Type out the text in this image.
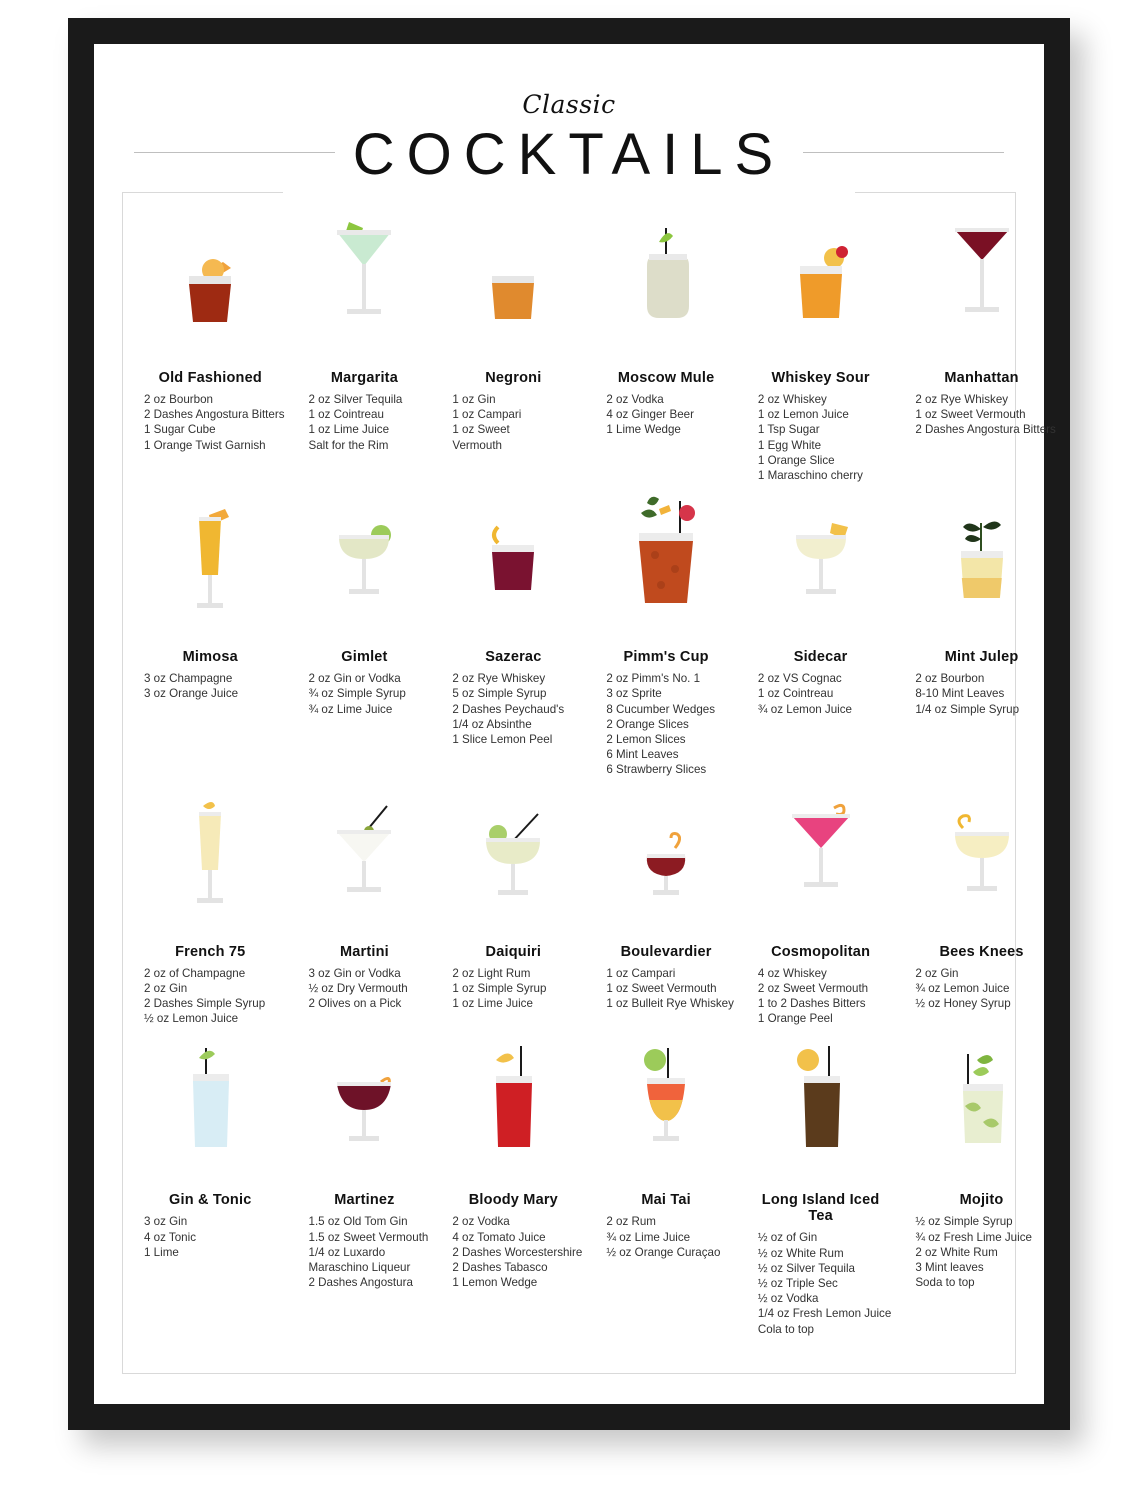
Classic
COCKTAILS
Old Fashioned
2 oz Bourbon
2 Dashes Angostura Bitters
1 Sugar Cube
1 Orange Twist Garnish
Margarita
2 oz Silver Tequila
1 oz Cointreau
1 oz Lime Juice
Salt for the Rim
Negroni
1 oz Gin
1 oz Campari
1 oz Sweet
Vermouth
Moscow Mule
2 oz Vodka
4 oz Ginger Beer
1 Lime Wedge
Whiskey Sour
2 oz Whiskey
1 oz Lemon Juice
1 Tsp Sugar
1 Egg White
1 Orange Slice
1 Maraschino cherry
Manhattan
2 oz Rye Whiskey
1 oz Sweet Vermouth
2 Dashes Angostura Bitters
Mimosa
3 oz Champagne
3 oz Orange Juice
Gimlet
2 oz Gin or Vodka
¾ oz Simple Syrup
¾ oz Lime Juice
Sazerac
2 oz Rye Whiskey
5 oz Simple Syrup
2 Dashes Peychaud's
1/4 oz Absinthe
1 Slice Lemon Peel
Pimm's Cup
2 oz Pimm's No. 1
3 oz Sprite
8 Cucumber Wedges
2 Orange Slices
2 Lemon Slices
6 Mint Leaves
6 Strawberry Slices
Sidecar
2 oz VS Cognac
1 oz Cointreau
¾ oz Lemon Juice
Mint Julep
2 oz Bourbon
8-10 Mint Leaves
1/4 oz Simple Syrup
French 75
2 oz of Champagne
2 oz Gin
2 Dashes Simple Syrup
½ oz Lemon Juice
Martini
3 oz Gin or Vodka
½ oz Dry Vermouth
2 Olives on a Pick
Daiquiri
2 oz Light Rum
1 oz Simple Syrup
1 oz Lime Juice
Boulevardier
1 oz Campari
1 oz Sweet Vermouth
1 oz Bulleit Rye Whiskey
Cosmopolitan
4 oz Whiskey
2 oz Sweet Vermouth
1 to 2 Dashes Bitters
1 Orange Peel
Bees Knees
2 oz Gin
¾ oz Lemon Juice
½ oz Honey Syrup
Gin & Tonic
3 oz Gin
4 oz Tonic
1 Lime
Martinez
1.5 oz Old Tom Gin
1.5 oz Sweet Vermouth
1/4 oz Luxardo
Maraschino Liqueur
2 Dashes Angostura
Bloody Mary
2 oz Vodka
4 oz Tomato Juice
2 Dashes Worcestershire
2 Dashes Tabasco
1 Lemon Wedge
Mai Tai
2 oz Rum
¾ oz Lime Juice
½ oz Orange Curaçao
Long Island Iced Tea
½ oz of Gin
½ oz White Rum
½ oz Silver Tequila
½ oz Triple Sec
½ oz Vodka
1/4 oz Fresh Lemon Juice
Cola to top
Mojito
½ oz Simple Syrup
¾ oz Fresh Lime Juice
2 oz White Rum
3 Mint leaves
Soda to top
